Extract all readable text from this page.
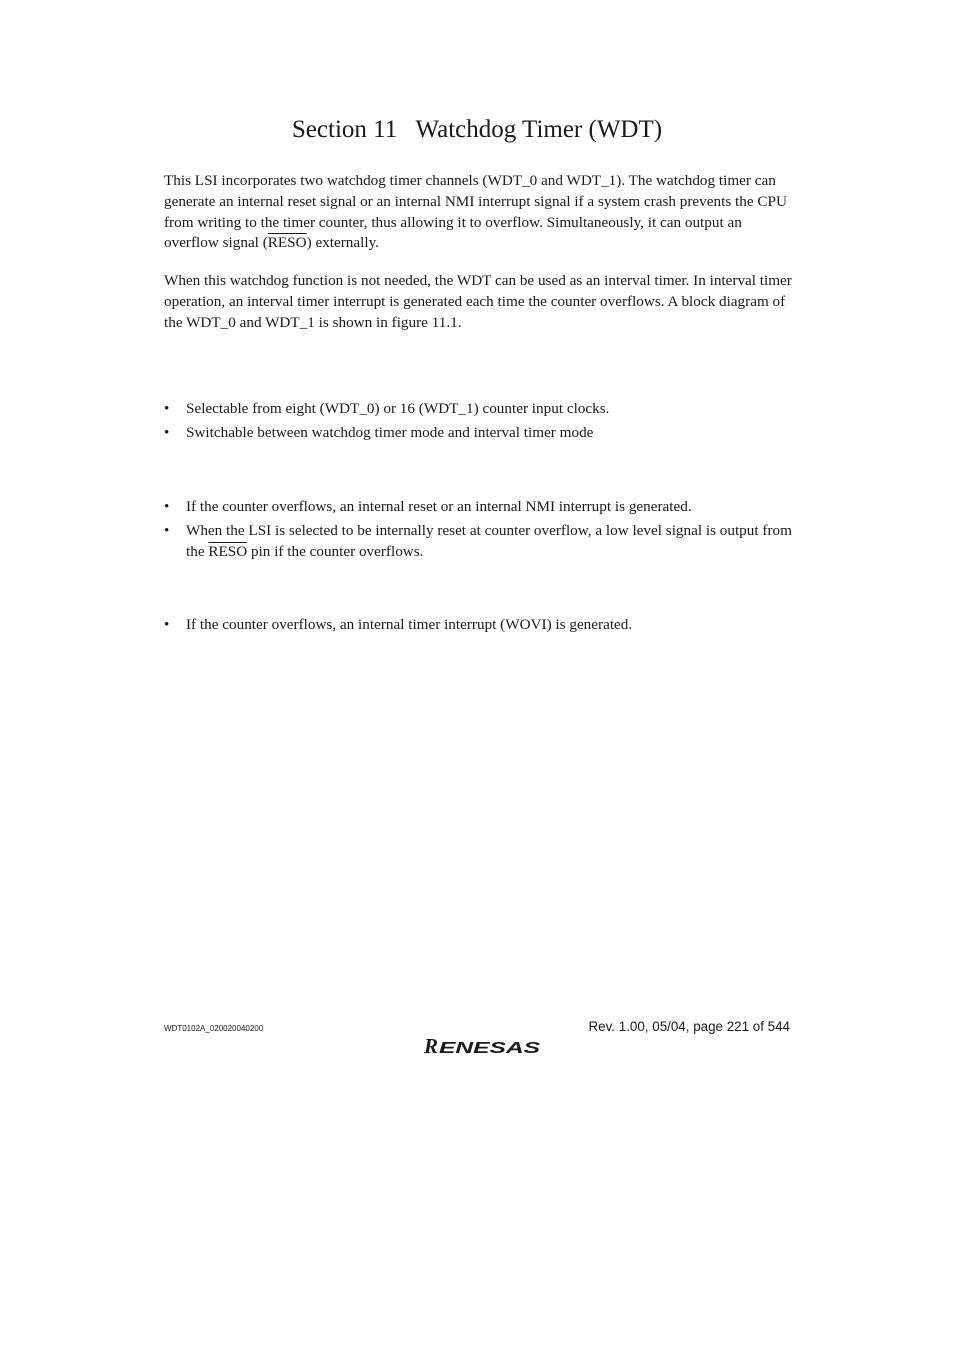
Section 11   Watchdog Timer (WDT)

This LSI incorporates two watchdog timer channels (WDT_0 and WDT_1). The watchdog timer can generate an internal reset signal or an internal NMI interrupt signal if a system crash prevents the CPU from writing to the timer counter, thus allowing it to overflow. Simultaneously, it can output an overflow signal (RESO) externally.

When this watchdog function is not needed, the WDT can be used as an interval timer. In interval timer operation, an interval timer interrupt is generated each time the counter overflows. A block diagram of the WDT_0 and WDT_1 is shown in figure 11.1.

• Selectable from eight (WDT_0) or 16 (WDT_1) counter input clocks.
• Switchable between watchdog timer mode and interval timer mode
• If the counter overflows, an internal reset or an internal NMI interrupt is generated.
• When the LSI is selected to be internally reset at counter overflow, a low level signal is output from the RESO pin if the counter overflows.
• If the counter overflows, an internal timer interrupt (WOVI) is generated.
WDT0102A_020020040200	Rev. 1.00, 05/04, page 221 of 544
R ENESAS
